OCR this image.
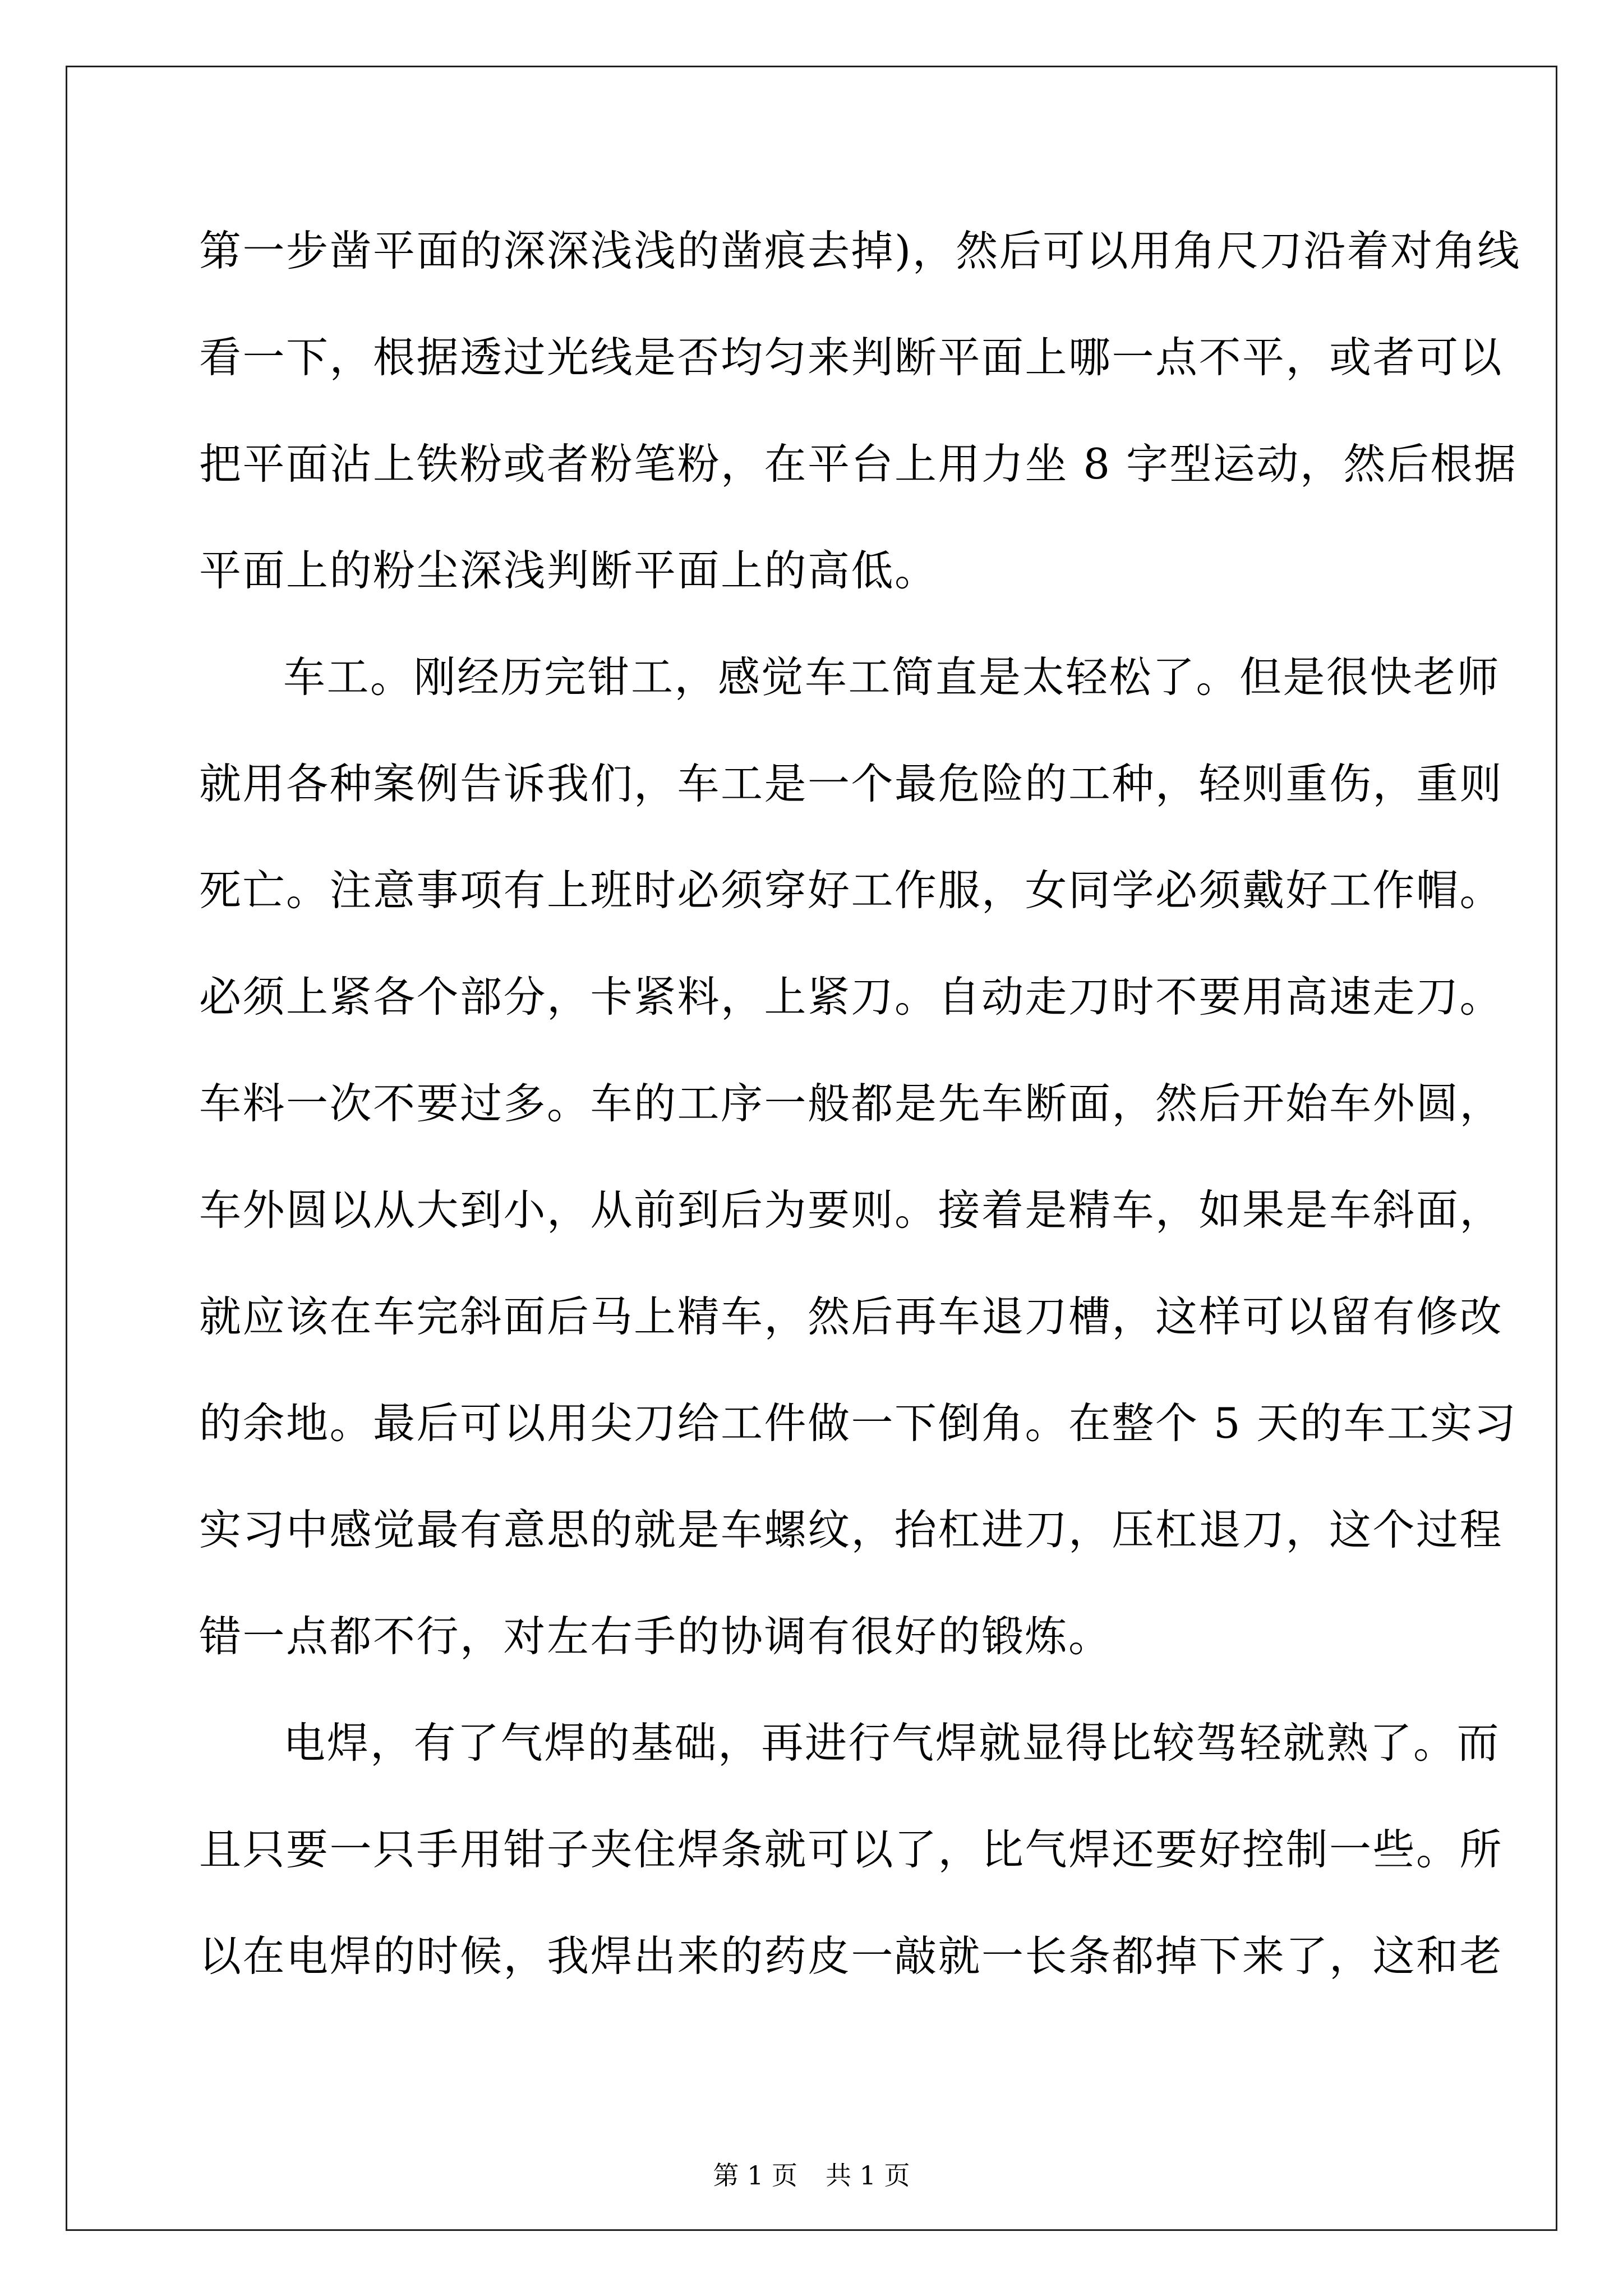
第一步凿平面的深深浅浅的凿痕去掉)，然后可以用角尺刀沿着对角线
看一下，根据透过光线是否均匀来判断平面上哪一点不平，或者可以
把平面沾上铁粉或者粉笔粉，在平台上用力坐 8 字型运动，然后根据
平面上的粉尘深浅判断平面上的高低。
车工。刚经历完钳工，感觉车工简直是太轻松了。但是很快老师
就用各种案例告诉我们，车工是一个最危险的工种，轻则重伤，重则
死亡。注意事项有上班时必须穿好工作服，女同学必须戴好工作帽。
必须上紧各个部分，卡紧料，上紧刀。自动走刀时不要用高速走刀。
车料一次不要过多。车的工序一般都是先车断面，然后开始车外圆，
车外圆以从大到小，从前到后为要则。接着是精车，如果是车斜面，
就应该在车完斜面后马上精车，然后再车退刀槽，这样可以留有修改
的余地。最后可以用尖刀给工件做一下倒角。在整个 5 天的车工实习
实习中感觉最有意思的就是车螺纹，抬杠进刀，压杠退刀，这个过程
错一点都不行，对左右手的协调有很好的锻炼。
电焊，有了气焊的基础，再进行气焊就显得比较驾轻就熟了。而
且只要一只手用钳子夹住焊条就可以了，比气焊还要好控制一些。所
以在电焊的时候，我焊出来的药皮一敲就一长条都掉下来了，这和老
第 1 页 共 1 页
